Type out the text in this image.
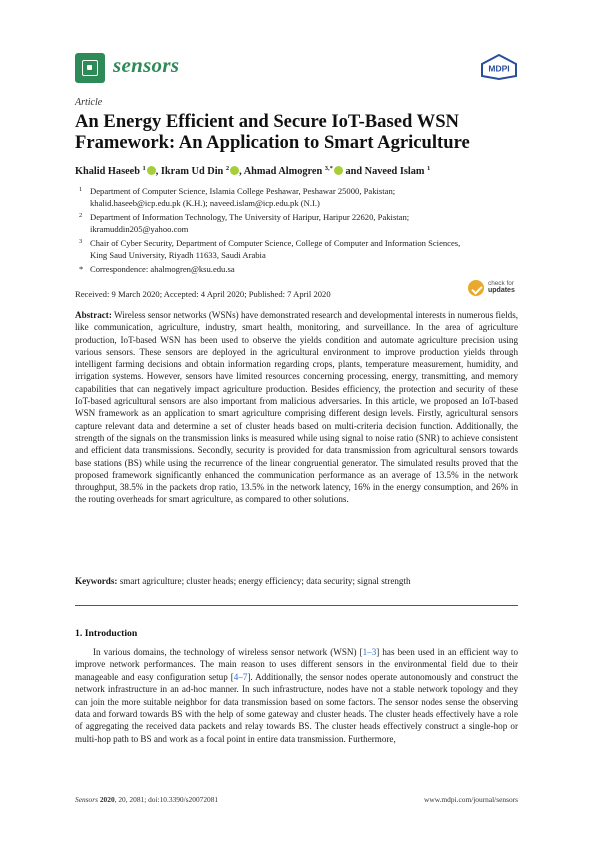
sensors	MDPI
Article
An Energy Efficient and Secure IoT-Based WSN Framework: An Application to Smart Agriculture
Khalid Haseeb $^1$ , Ikram Ud Din $^2$ , Ahmad Almogren $^{3,*}$ and Naveed Islam $^1$
1 Department of Computer Science, Islamia College Peshawar, Peshawar 25000, Pakistan;
khalid.haseeb@icp.edu.pk (K.H.); naveed.islam@icp.edu.pk (N.I.)
2 Department of Information Technology, The University of Haripur, Haripur 22620, Pakistan;
ikramuddin205@yahoo.com
3 Chair of Cyber Security, Department of Computer Science, College of Computer and Information Sciences,
King Saud University, Riyadh 11633, Saudi Arabia
* Correspondence: ahalmogren@ksu.edu.sa
Received: 9 March 2020; Accepted: 4 April 2020; Published: 7 April 2020
check for
updates
Abstract: Wireless sensor networks (WSNs) have demonstrated research and developmental interests in numerous fields, like communication, agriculture, industry, smart health, monitoring, and surveillance. In the area of agriculture production, IoT-based WSN has been used to observe the yields condition and automate agriculture precision using various sensors. These sensors are deployed in the agricultural environment to improve production yields through intelligent farming decisions and obtain information regarding crops, plants, temperature measurement, humidity, and irrigation systems. However, sensors have limited resources concerning processing, energy, transmitting, and memory capabilities that can negatively impact agriculture production. Besides efficiency, the protection and security of these IoT-based agricultural sensors are also important from malicious adversaries. In this article, we proposed an IoT-based WSN framework as an application to smart agriculture comprising different design levels. Firstly, agricultural sensors capture relevant data and determine a set of cluster heads based on multi-criteria decision function. Additionally, the strength of the signals on the transmission links is measured while using signal to noise ratio (SNR) to achieve consistent and efficient data transmissions. Secondly, security is provided for data transmission from agricultural sensors towards base stations (BS) while using the recurrence of the linear congruential generator. The simulated results proved that the proposed framework significantly enhanced the communication performance as an average of 13.5% in the network throughput, 38.5% in the packets drop ratio, 13.5% in the network latency, 16% in the energy consumption, and 26% in the routing overheads for smart agriculture, as compared to other solutions.
Keywords: smart agriculture; cluster heads; energy efficiency; data security; signal strength
1. Introduction
In various domains, the technology of wireless sensor network (WSN) [1–3] has been used in an efficient way to improve network performances. The main reason to uses different sensors in the environmental field due to their manageable and easy configuration setup [4–7]. Additionally, the sensor nodes operate autonomously and construct the network infrastructure in an ad-hoc manner. In such infrastructure, nodes have not a stable network topology and they can join the more suitable neighbor for data transmission based on some factors. The sensor nodes sense the observing data and forward towards BS with the help of some gateway and cluster heads. The cluster heads effectively have a role of aggregating the received data packets and relay towards BS. The cluster heads effectively construct a single-hop or multi-hop path to BS and work as a focal point in entire data transmission. Furthermore,
Sensors 2020, 20, 2081; doi:10.3390/s20072081	www.mdpi.com/journal/sensors
